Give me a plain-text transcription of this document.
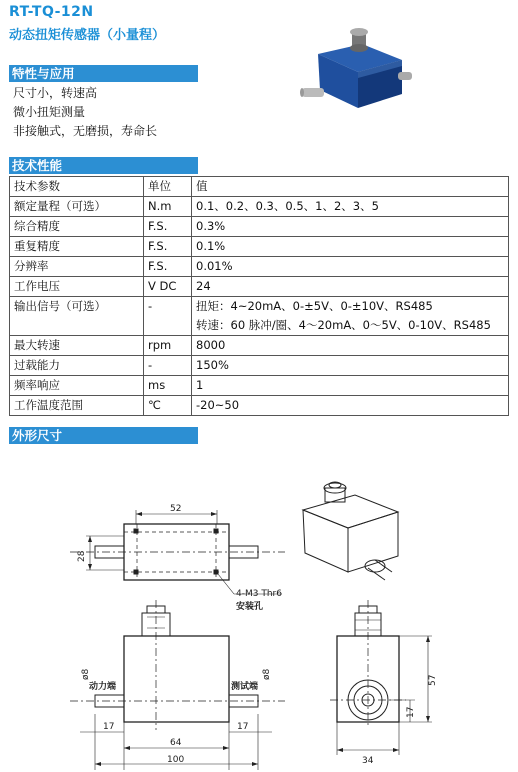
RT-TQ-12N
动态扭矩传感器（小量程）
特性与应用
尺寸小，转速高
微小扭矩测量
非接触式，无磨损，寿命长
技术性能
技术参数	单位	值
额定量程（可选）	N.m	0.1、0.2、0.3、0.5、1、2、3、5
综合精度	F.S.	0.3%
重复精度	F.S.	0.1%
分辨率	F.S.	0.01%
工作电压	V DC	24
输出信号（可选）	-	扭矩：4~20mA、0-±5V、0-±10V、RS485
转速：60 脉冲/圈、4～20mA、0～5V、0-10V、RS485

最大转速	rpm	8000
过载能力	-	150%
频率响应	ms	1
工作温度范围	℃	-20~50
外形尺寸
52
28
4-M3 Thr6
安装孔
ø8	ø8
动力端	测试端
17	17
64
100
57
17
34
